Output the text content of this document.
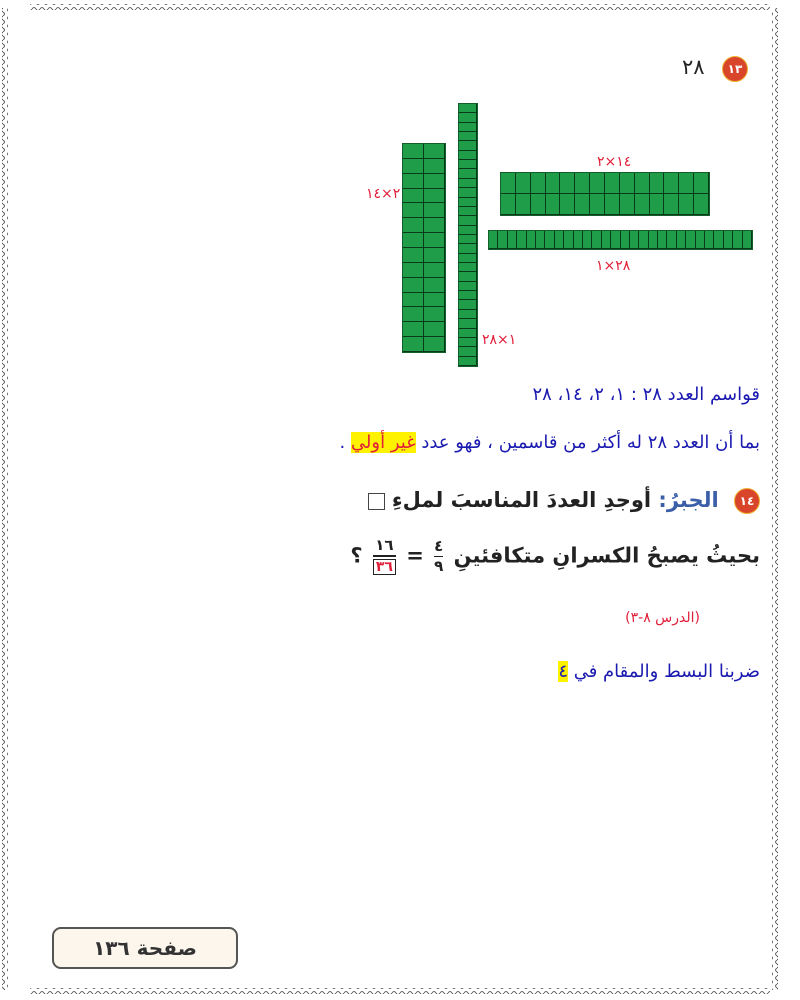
١٣
٢٨
٢×١٤
١×٢٨
١٤×٢
٢٨×١
قواسم العدد ٢٨ : ١، ٢، ١٤، ٢٨
بما أن العدد ٢٨ له أكثر من قاسمين ، فهو عدد غير أولي .
١٤
الجبرُ: أوجدِ العددَ المناسبَ لملءِ
بحيثُ يصبحُ الكسرانِ متكافئينِ ؟ $\frac{١٦}{٣٦} = \frac{٤}{٩}$
(الدرس ٨-٣)
ضربنا البسط والمقام في ٤
صفحة ١٣٦
